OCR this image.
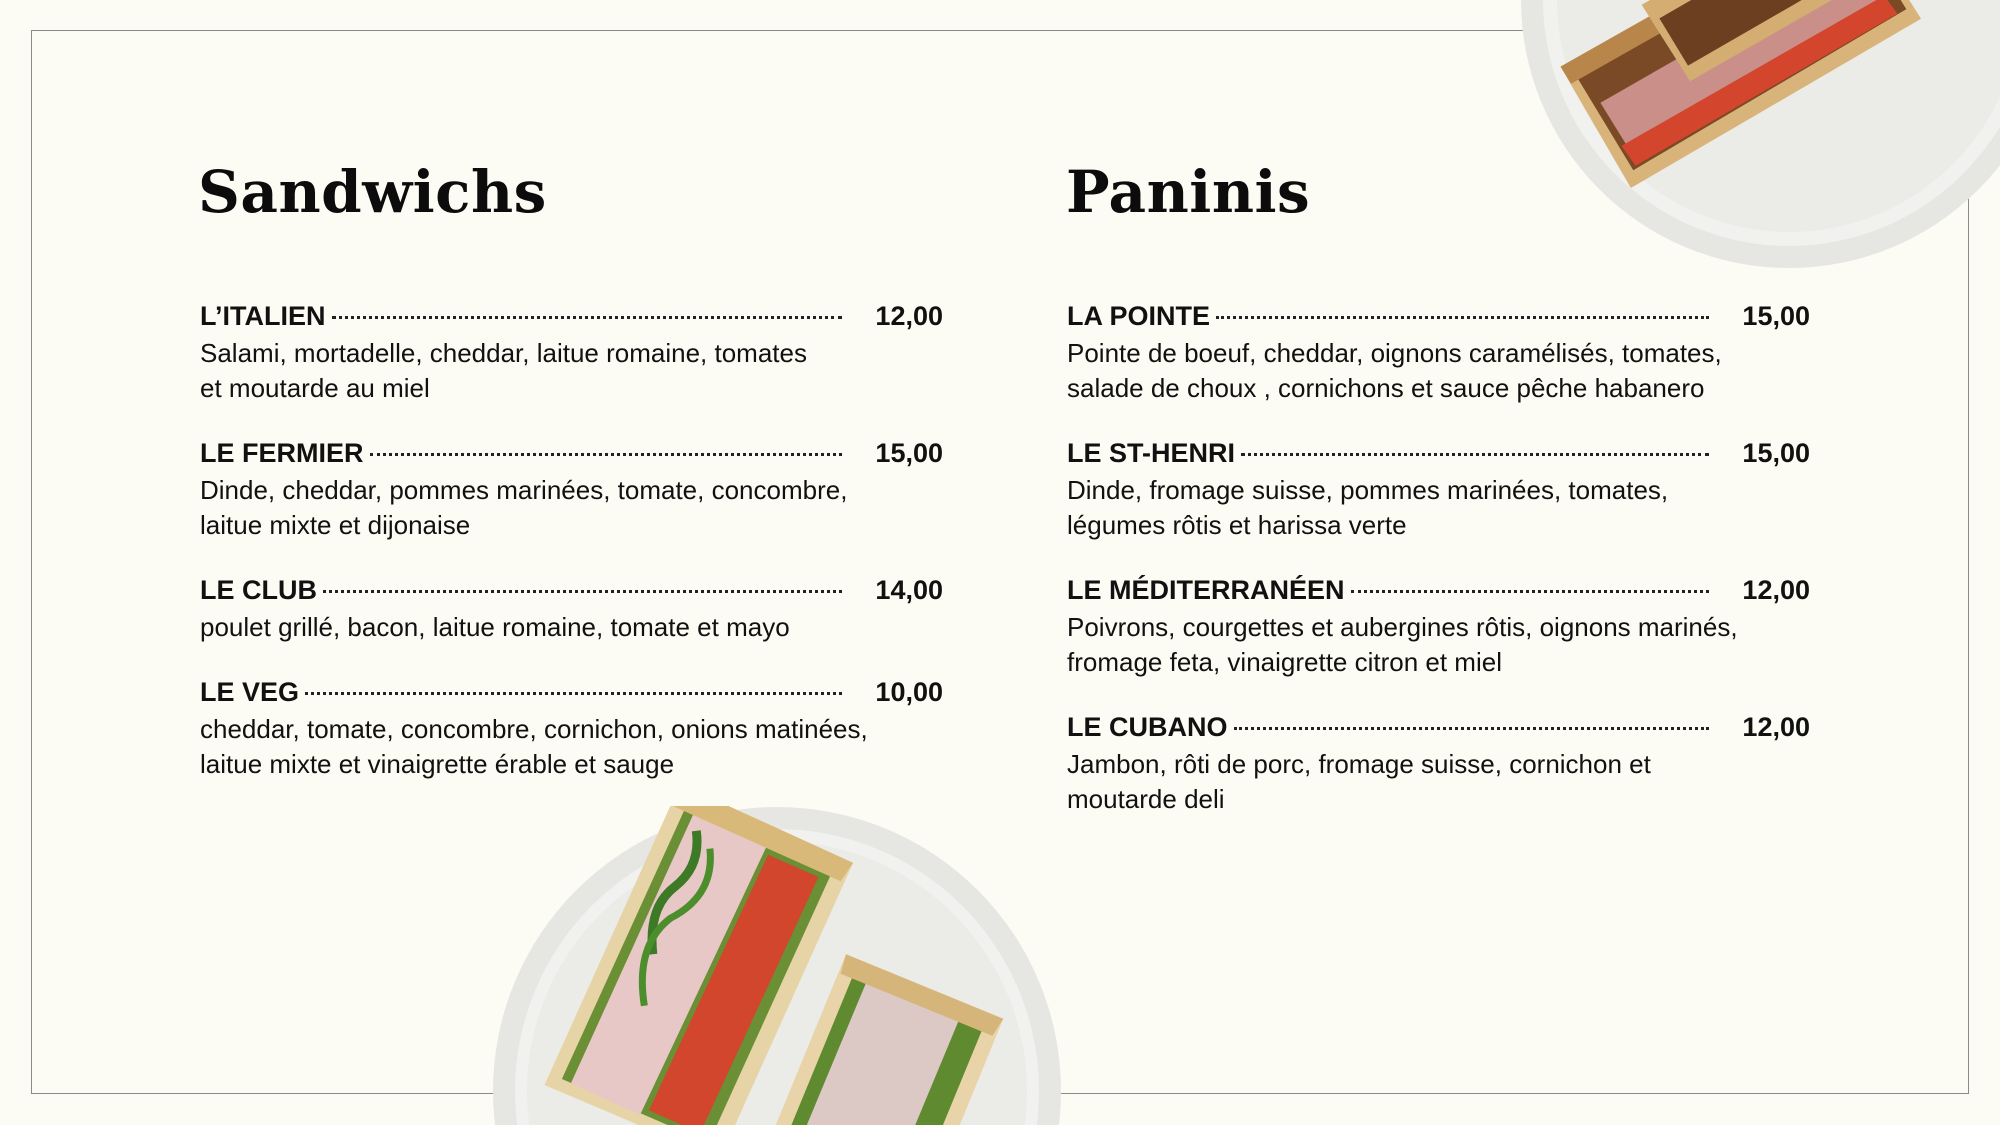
Sandwichs
L’ITALIEN	12,00
Salami, mortadelle, cheddar, laitue romaine, tomates
et moutarde au miel
LE FERMIER	15,00
Dinde, cheddar, pommes marinées, tomate, concombre,
laitue mixte et dijonaise
LE CLUB	14,00
poulet grillé, bacon, laitue romaine, tomate et mayo
LE VEG	10,00
cheddar, tomate, concombre, cornichon, onions matinées,
laitue mixte et vinaigrette érable et sauge
Paninis
LA POINTE	15,00
Pointe de boeuf, cheddar, oignons caramélisés, tomates,
salade de choux , cornichons et sauce pêche habanero
LE ST-HENRI	15,00
Dinde, fromage suisse, pommes marinées, tomates,
légumes rôtis et harissa verte
LE MÉDITERRANÉEN	12,00
Poivrons, courgettes et aubergines rôtis, oignons marinés,
fromage feta, vinaigrette citron et miel
LE CUBANO	12,00
Jambon, rôti de porc, fromage suisse, cornichon et
moutarde deli
